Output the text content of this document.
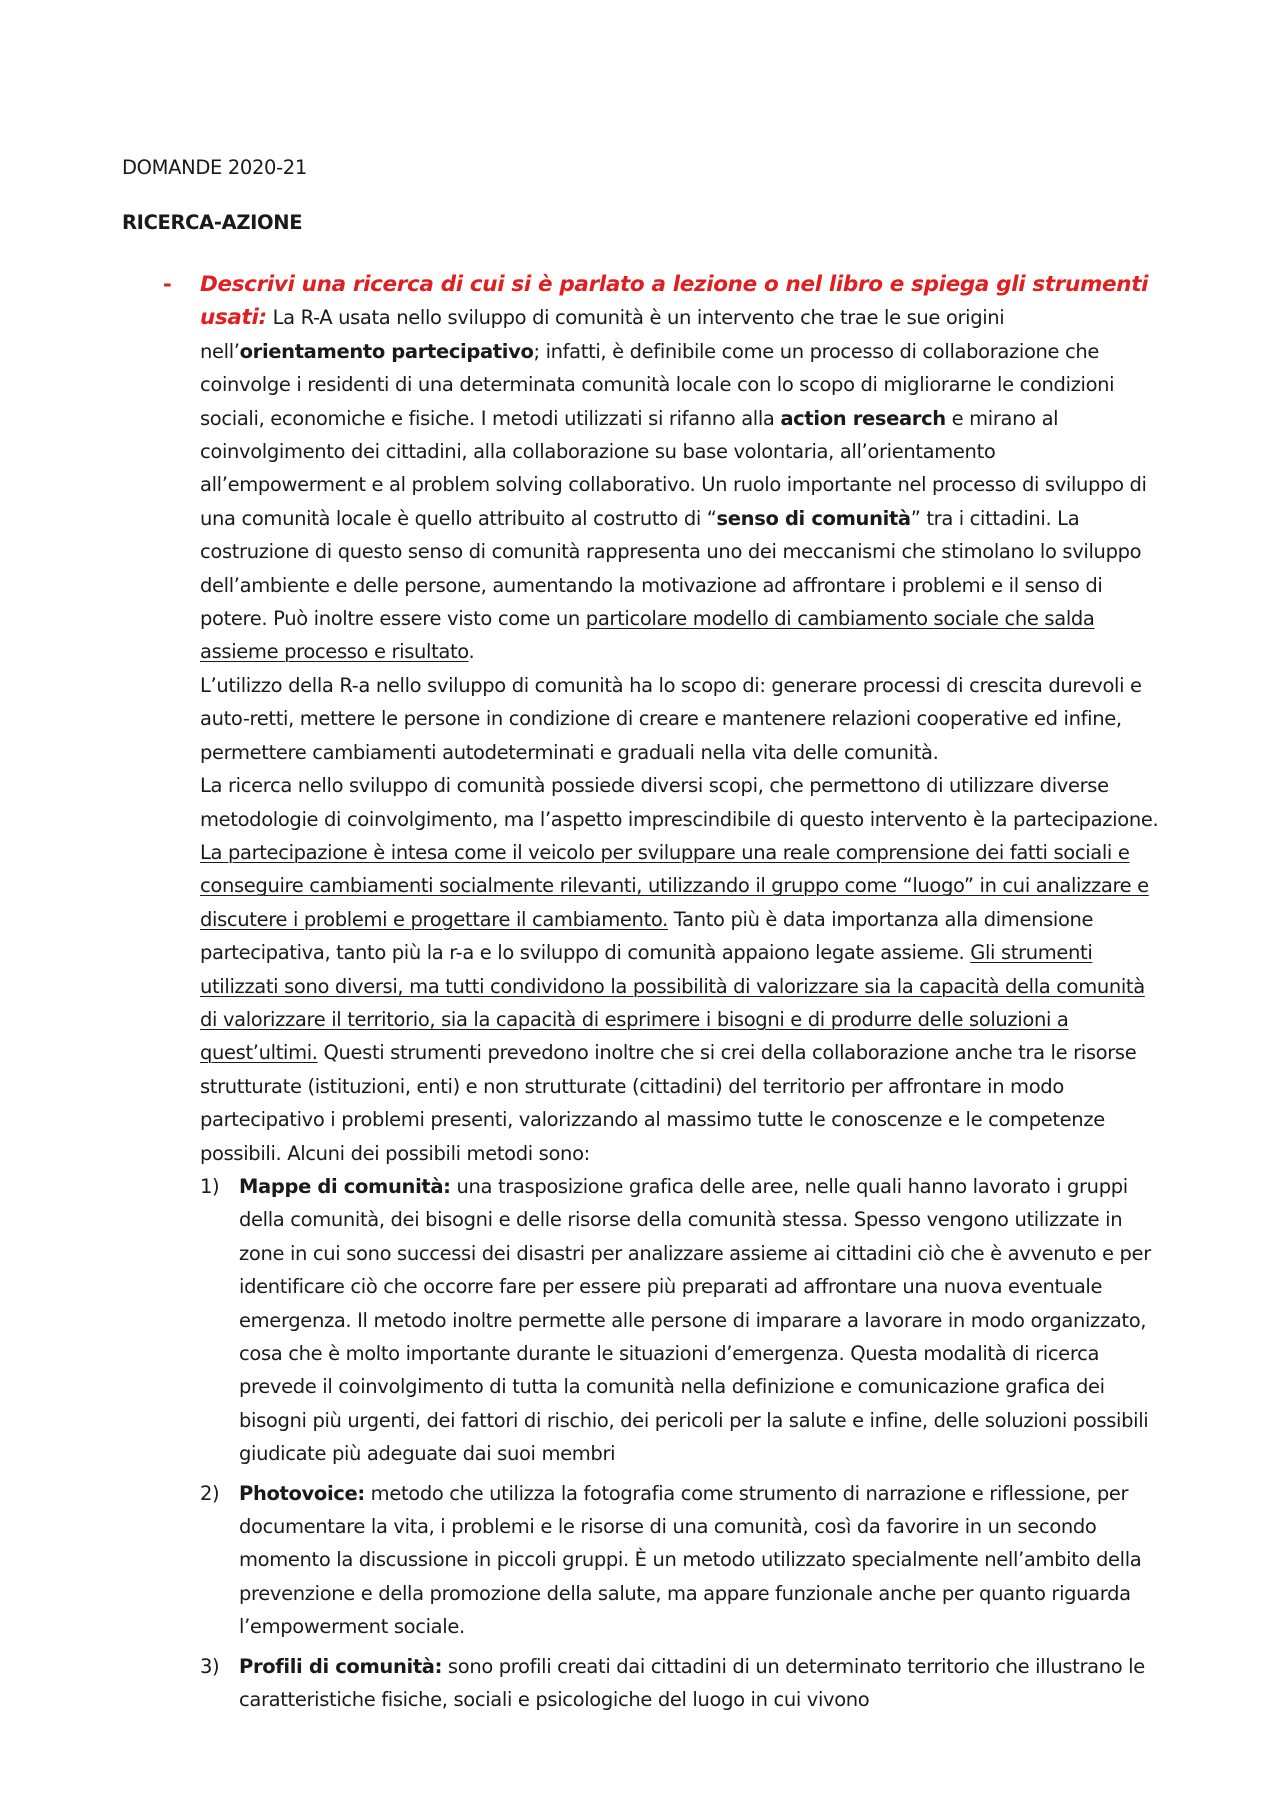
DOMANDE 2020-21
RICERCA-AZIONE
- Descrivi una ricerca di cui si è parlato a lezione o nel libro e spiega gli strumenti usati: La R-A usata nello sviluppo di comunità è un intervento che trae le sue origini nell’orientamento partecipativo; infatti, è definibile come un processo di collaborazione che coinvolge i residenti di una determinata comunità locale con lo scopo di migliorarne le condizioni sociali, economiche e fisiche. I metodi utilizzati si rifanno alla action research e mirano al coinvolgimento dei cittadini, alla collaborazione su base volontaria, all’orientamento all’empowerment e al problem solving collaborativo. Un ruolo importante nel processo di sviluppo di una comunità locale è quello attribuito al costrutto di “senso di comunità” tra i cittadini. La costruzione di questo senso di comunità rappresenta uno dei meccanismi che stimolano lo sviluppo dell’ambiente e delle persone, aumentando la motivazione ad affrontare i problemi e il senso di potere. Può inoltre essere visto come un particolare modello di cambiamento sociale che salda assieme processo e risultato.

L’utilizzo della R-a nello sviluppo di comunità ha lo scopo di: generare processi di crescita durevoli e auto-retti, mettere le persone in condizione di creare e mantenere relazioni cooperative ed infine, permettere cambiamenti autodeterminati e graduali nella vita delle comunità.

La ricerca nello sviluppo di comunità possiede diversi scopi, che permettono di utilizzare diverse metodologie di coinvolgimento, ma l’aspetto imprescindibile di questo intervento è la partecipazione. La partecipazione è intesa come il veicolo per sviluppare una reale comprensione dei fatti sociali e conseguire cambiamenti socialmente rilevanti, utilizzando il gruppo come “luogo” in cui analizzare e discutere i problemi e progettare il cambiamento. Tanto più è data importanza alla dimensione partecipativa, tanto più la r-a e lo sviluppo di comunità appaiono legate assieme. Gli strumenti utilizzati sono diversi, ma tutti condividono la possibilità di valorizzare sia la capacità della comunità di valorizzare il territorio, sia la capacità di esprimere i bisogni e di produrre delle soluzioni a quest’ultimi. Questi strumenti prevedono inoltre che si crei della collaborazione anche tra le risorse strutturate (istituzioni, enti) e non strutturate (cittadini) del territorio per affrontare in modo partecipativo i problemi presenti, valorizzando al massimo tutte le conoscenze e le competenze possibili. Alcuni dei possibili metodi sono:

1) Mappe di comunità: una trasposizione grafica delle aree, nelle quali hanno lavorato i gruppi della comunità, dei bisogni e delle risorse della comunità stessa. Spesso vengono utilizzate in zone in cui sono successi dei disastri per analizzare assieme ai cittadini ciò che è avvenuto e per identificare ciò che occorre fare per essere più preparati ad affrontare una nuova eventuale emergenza. Il metodo inoltre permette alle persone di imparare a lavorare in modo organizzato, cosa che è molto importante durante le situazioni d’emergenza. Questa modalità di ricerca prevede il coinvolgimento di tutta la comunità nella definizione e comunicazione grafica dei bisogni più urgenti, dei fattori di rischio, dei pericoli per la salute e infine, delle soluzioni possibili giudicate più adeguate dai suoi membri
2) Photovoice: metodo che utilizza la fotografia come strumento di narrazione e riflessione, per documentare la vita, i problemi e le risorse di una comunità, così da favorire in un secondo momento la discussione in piccoli gruppi. È un metodo utilizzato specialmente nell’ambito della prevenzione e della promozione della salute, ma appare funzionale anche per quanto riguarda l’empowerment sociale.
3) Profili di comunità: sono profili creati dai cittadini di un determinato territorio che illustrano le caratteristiche fisiche, sociali e psicologiche del luogo in cui vivono
